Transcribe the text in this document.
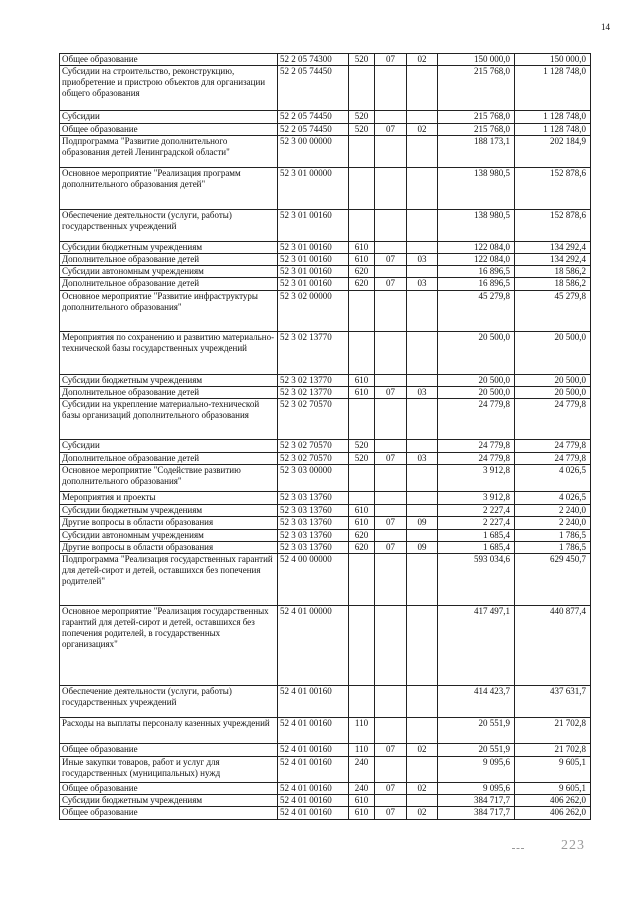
14
Общее образование	52 2 05 74300	520	07	02	150 000,0	150 000,0
Субсидии на строительство, реконструкцию, приобретение и пристрою объектов для организации общего образования	52 2 05 74450				215 768,0	1 128 748,0
Субсидии	52 2 05 74450	520			215 768,0	1 128 748,0
Общее образование	52 2 05 74450	520	07	02	215 768,0	1 128 748,0
Подпрограмма "Развитие дополнительного образования детей Ленинградской области"	52 3 00 00000				188 173,1	202 184,9
Основное мероприятие "Реализация программ дополнительного образования детей"	52 3 01 00000				138 980,5	152 878,6
Обеспечение деятельности (услуги, работы) государственных учреждений	52 3 01 00160				138 980,5	152 878,6
Субсидии бюджетным учреждениям	52 3 01 00160	610			122 084,0	134 292,4
Дополнительное образование детей	52 3 01 00160	610	07	03	122 084,0	134 292,4
Субсидии автономным учреждениям	52 3 01 00160	620			16 896,5	18 586,2
Дополнительное образование детей	52 3 01 00160	620	07	03	16 896,5	18 586,2
Основное мероприятие "Развитие инфраструктуры дополнительного образования"	52 3 02 00000				45 279,8	45 279,8
Мероприятия по сохранению и развитию материально-технической базы государственных учреждений	52 3 02 13770				20 500,0	20 500,0
Субсидии бюджетным учреждениям	52 3 02 13770	610			20 500,0	20 500,0
Дополнительное образование детей	52 3 02 13770	610	07	03	20 500,0	20 500,0
Субсидии на укрепление материально-технической базы организаций дополнительного образования	52 3 02 70570				24 779,8	24 779,8
Субсидии	52 3 02 70570	520			24 779,8	24 779,8
Дополнительное образование детей	52 3 02 70570	520	07	03	24 779,8	24 779,8
Основное мероприятие "Содействие развитию дополнительного образования"	52 3 03 00000				3 912,8	4 026,5
Мероприятия и проекты	52 3 03 13760				3 912,8	4 026,5
Субсидии бюджетным учреждениям	52 3 03 13760	610			2 227,4	2 240,0
Другие вопросы в области образования	52 3 03 13760	610	07	09	2 227,4	2 240,0
Субсидии автономным учреждениям	52 3 03 13760	620			1 685,4	1 786,5
Другие вопросы в области образования	52 3 03 13760	620	07	09	1 685,4	1 786,5
Подпрограмма "Реализация государственных гарантий для детей-сирот и детей, оставшихся без попечения родителей"	52 4 00 00000				593 034,6	629 450,7
Основное мероприятие "Реализация государственных гарантий для детей-сирот и детей, оставшихся без попечения родителей, в государственных организациях"	52 4 01 00000				417 497,1	440 877,4
Обеспечение деятельности (услуги, работы) государственных учреждений	52 4 01 00160				414 423,7	437 631,7
Расходы на выплаты персоналу казенных учреждений	52 4 01 00160	110			20 551,9	21 702,8
Общее образование	52 4 01 00160	110	07	02	20 551,9	21 702,8
Иные закупки товаров, работ и услуг для государственных (муниципальных) нужд	52 4 01 00160	240			9 095,6	9 605,1
Общее образование	52 4 01 00160	240	07	02	9 095,6	9 605,1
Субсидии бюджетным учреждениям	52 4 01 00160	610			384 717,7	406 262,0
Общее образование	52 4 01 00160	610	07	02	384 717,7	406 262,0
223
